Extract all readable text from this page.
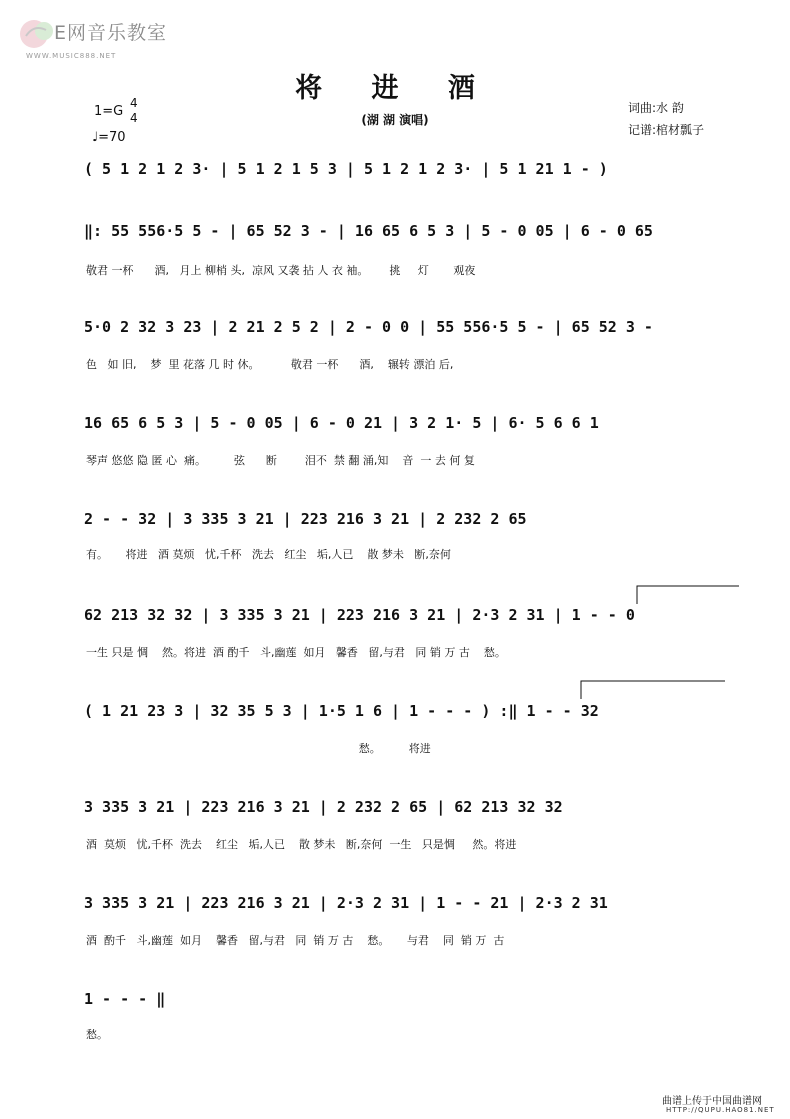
E网音乐教室
WWW.MUSIC888.NET
将 进 酒
(湖 湖 演唱)
1=G
4
4
♩=70
词曲:水 韵
记谱:棺材瓢子
( 5 1 2 1 2 3· | 5 1 2 1 5 3 | 5 1 2 1 2 3· | 5 1 21 1 - )
‖: 55 556·5 5 - | 65 52 3 - | 16 65 6 5 3 | 5 - 0 05 | 6 - 0 65
敬君 一杯      酒,   月上 柳梢 头,  凉风 又袭 拈 人 衣 袖。      挑     灯       观夜
5·0 2 32 3 23 | 2 21 2 5 2 | 2 - 0 0 | 55 556·5 5 - | 65 52 3 -
色   如 旧,    梦  里 花落 几 时 休。         敬君 一杯      酒,    辗转 漂泊 后,
16 65 6 5 3 | 5 - 0 05 | 6 - 0 21 | 3 2 1· 5 | 6· 5 6 6 1
琴声 悠悠 隐 匿 心  痛。        弦      断        泪不  禁 翻 涌,知    音  一 去 何 复
2 - - 32 | 3 335 3 21 | 223 216 3 21 | 2 232 2 65
有。     将进   酒 莫烦   忧,千杯   洗去   红尘   垢,人已    散 梦未   断,奈何
62 213 32 32 | 3 335 3 21 | 223 216 3 21 | 2·3 2 31 | 1 - - 0
一生 只是 惆    然。将进  酒 酌千   斗,幽莲  如月   馨香   留,与君   同 销 万 古    愁。
( 1 21 23 3 | 32 35 5 3 | 1·5 1 6 | 1 - - - ) :‖ 1 - - 32
愁。        将进
3 335 3 21 | 223 216 3 21 | 2 232 2 65 | 62 213 32 32
酒  莫烦   忧,千杯  洗去    红尘   垢,人已    散 梦未   断,奈何  一生   只是惆     然。将进
3 335 3 21 | 223 216 3 21 | 2·3 2 31 | 1 - - 21 | 2·3 2 31
酒  酌千   斗,幽莲  如月    馨香   留,与君   同  销 万 古    愁。     与君    同  销 万  古
1 - - - ‖
愁。
曲谱上传于中国曲谱网
HTTP://QUPU.HAO81.NET
